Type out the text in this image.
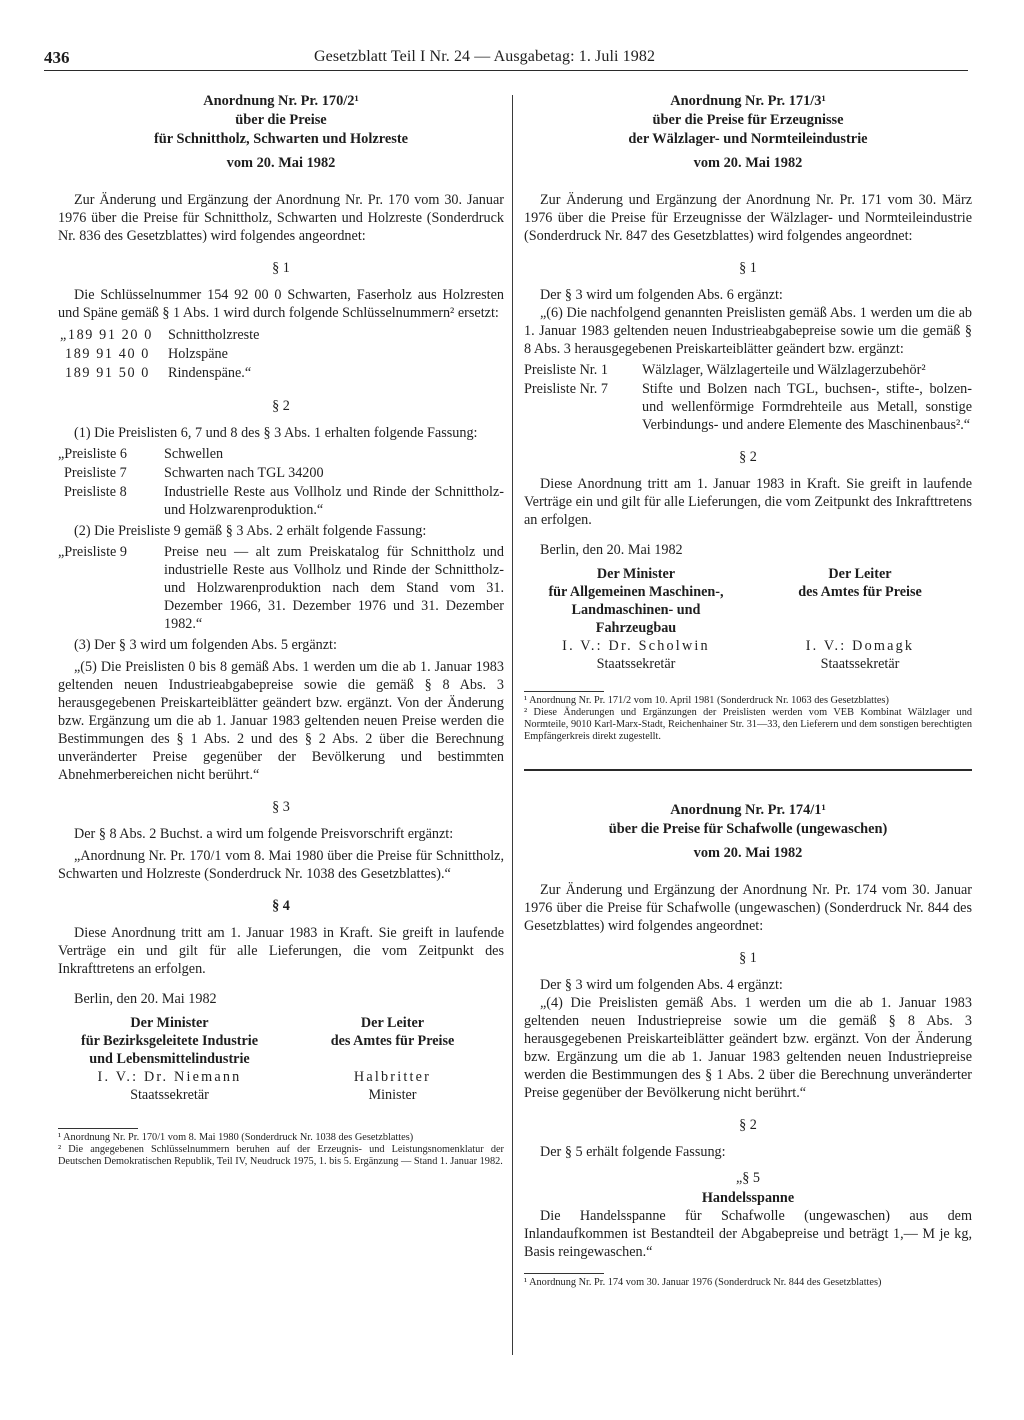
436	Gesetzblatt Teil I Nr. 24 — Ausgabetag: 1. Juli 1982
Anordnung Nr. Pr. 170/2¹
über die Preise
für Schnittholz, Schwarten und Holzreste
vom 20. Mai 1982

Zur Änderung und Ergänzung der Anordnung Nr. Pr. 170 vom 30. Januar 1976 über die Preise für Schnittholz, Schwarten und Holzreste (Sonderdruck Nr. 836 des Gesetzblattes) wird folgendes angeordnet:

§ 1

Die Schlüsselnummer 154 92 00 0 Schwarten, Faserholz aus Holzresten und Späne gemäß § 1 Abs. 1 wird durch folgende Schlüsselnummern² ersetzt:

„189 91 20 0	Schnittholzreste
189 91 40 0	Holzspäne
189 91 50 0	Rindenspäne.“
§ 2

(1) Die Preislisten 6, 7 und 8 des § 3 Abs. 1 erhalten folgende Fassung:

„Preisliste 6	Schwellen
Preisliste 7	Schwarten nach TGL 34200
Preisliste 8	Industrielle Reste aus Vollholz und Rinde der Schnittholz- und Holzwarenproduktion.“

(2) Die Preisliste 9 gemäß § 3 Abs. 2 erhält folgende Fassung:

„Preisliste 9	Preise neu — alt zum Preiskatalog für Schnittholz und industrielle Reste aus Vollholz und Rinde der Schnittholz- und Holzwarenproduktion nach dem Stand vom 31. Dezember 1966, 31. Dezember 1976 und 31. Dezember 1982.“

(3) Der § 3 wird um folgenden Abs. 5 ergänzt:

„(5) Die Preislisten 0 bis 8 gemäß Abs. 1 werden um die ab 1. Januar 1983 geltenden neuen Industrieabgabepreise sowie die gemäß § 8 Abs. 3 herausgegebenen Preiskarteiblätter geändert bzw. ergänzt. Von der Änderung bzw. Ergänzung um die ab 1. Januar 1983 geltenden neuen Preise werden die Bestimmungen des § 1 Abs. 2 und des § 2 Abs. 2 über die Berechnung unveränderter Preise gegenüber der Bevölkerung und bestimmten Abnehmerbereichen nicht berührt.“

§ 3

Der § 8 Abs. 2 Buchst. a wird um folgende Preisvorschrift ergänzt:

„Anordnung Nr. Pr. 170/1 vom 8. Mai 1980 über die Preise für Schnittholz, Schwarten und Holzreste (Sonderdruck Nr. 1038 des Gesetzblattes).“

§ 4

Diese Anordnung tritt am 1. Januar 1983 in Kraft. Sie greift in laufende Verträge ein und gilt für alle Lieferungen, die vom Zeitpunkt des Inkrafttretens an erfolgen.

Berlin, den 20. Mai 1982

Der Minister
für Bezirksgeleitete Industrie
und Lebensmittelindustrie
I. V.: Dr. Niemann
Staatssekretär
Der Leiter
des Amtes für Preise
Halbritter
Minister
¹ Anordnung Nr. Pr. 170/1 vom 8. Mai 1980 (Sonderdruck Nr. 1038 des Gesetzblattes)
² Die angegebenen Schlüsselnummern beruhen auf der Erzeugnis- und Leistungsnomenklatur der Deutschen Demokratischen Republik, Teil IV, Neudruck 1975, 1. bis 5. Ergänzung — Stand 1. Januar 1982.
Anordnung Nr. Pr. 171/3¹
über die Preise für Erzeugnisse
der Wälzlager- und Normteileindustrie
vom 20. Mai 1982

Zur Änderung und Ergänzung der Anordnung Nr. Pr. 171 vom 30. März 1976 über die Preise für Erzeugnisse der Wälzlager- und Normteileindustrie (Sonderdruck Nr. 847 des Gesetzblattes) wird folgendes angeordnet:

§ 1

Der § 3 wird um folgenden Abs. 6 ergänzt:

„(6) Die nachfolgend genannten Preislisten gemäß Abs. 1 werden um die ab 1. Januar 1983 geltenden neuen Industrieabgabepreise sowie um die gemäß § 8 Abs. 3 herausgegebenen Preiskarteiblätter geändert bzw. ergänzt:

Preisliste Nr. 1	Wälzlager, Wälzlagerteile und Wälzlagerzubehör²
Preisliste Nr. 7	Stifte und Bolzen nach TGL, buchsen-, stifte-, bolzen- und wellenförmige Formdrehteile aus Metall, sonstige Verbindungs- und andere Elemente des Maschinenbaus².“
§ 2

Diese Anordnung tritt am 1. Januar 1983 in Kraft. Sie greift in laufende Verträge ein und gilt für alle Lieferungen, die vom Zeitpunkt des Inkrafttretens an erfolgen.

Berlin, den 20. Mai 1982

Der Minister
für Allgemeinen Maschinen-,
Landmaschinen- und
Fahrzeugbau
I. V.: Dr. Scholwin
Staatssekretär
Der Leiter
des Amtes für Preise
I. V.: Domagk
Staatssekretär
¹ Anordnung Nr. Pr. 171/2 vom 10. April 1981 (Sonderdruck Nr. 1063 des Gesetzblattes)
² Diese Änderungen und Ergänzungen der Preislisten werden vom VEB Kombinat Wälzlager und Normteile, 9010 Karl-Marx-Stadt, Reichenhainer Str. 31—33, den Lieferern und dem sonstigen berechtigten Empfängerkreis direkt zugestellt.
Anordnung Nr. Pr. 174/1¹
über die Preise für Schafwolle (ungewaschen)
vom 20. Mai 1982

Zur Änderung und Ergänzung der Anordnung Nr. Pr. 174 vom 30. Januar 1976 über die Preise für Schafwolle (ungewaschen) (Sonderdruck Nr. 844 des Gesetzblattes) wird folgendes angeordnet:

§ 1

Der § 3 wird um folgenden Abs. 4 ergänzt:

„(4) Die Preislisten gemäß Abs. 1 werden um die ab 1. Januar 1983 geltenden neuen Industriepreise sowie um die gemäß § 8 Abs. 3 herausgegebenen Preiskarteiblätter geändert bzw. ergänzt. Von der Änderung bzw. Ergänzung um die ab 1. Januar 1983 geltenden neuen Industriepreise werden die Bestimmungen des § 1 Abs. 2 über die Berechnung unveränderter Preise gegenüber der Bevölkerung nicht berührt.“

§ 2

Der § 5 erhält folgende Fassung:

„§ 5
Handelsspanne

Die Handelsspanne für Schafwolle (ungewaschen) aus dem Inlandaufkommen ist Bestandteil der Abgabepreise und beträgt 1,— M je kg, Basis reingewaschen.“

¹ Anordnung Nr. Pr. 174 vom 30. Januar 1976 (Sonderdruck Nr. 844 des Gesetzblattes)
